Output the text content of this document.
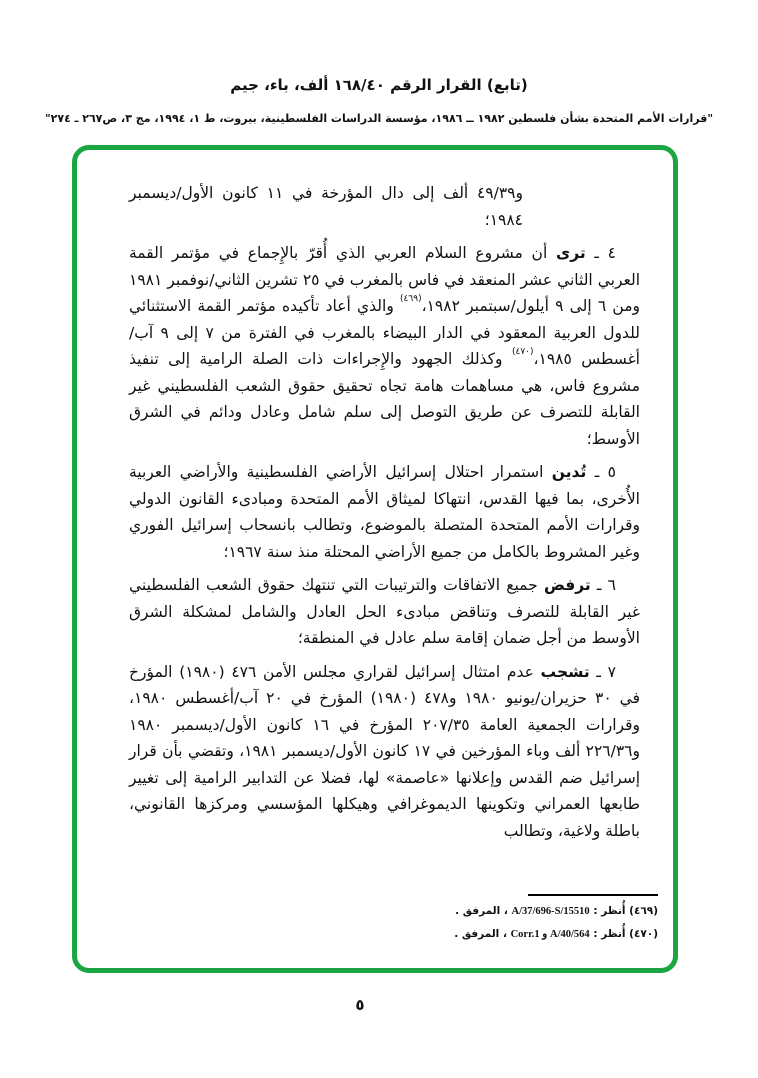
(تابع) القرار الرقم ١٦٨/٤٠ ألف، باء، جيم
"قرارات الأمم المتحدة بشأن فلسطين ١٩٨٢ ــ ١٩٨٦، مؤسسة الدراسات الفلسطينية، بيروت، ط ١، ١٩٩٤، مج ٣، ص٢٦٧ ـ ٢٧٤"
و٤٩/٣٩ ألف إلى دال المؤرخة في ١١ كانون الأول/ديسمبر
١٩٨٤؛

٤ ـ ترى أن مشروع السلام العربي الذي أُقرّ بالإِجماع في مؤتمر القمة العربي الثاني عشر المنعقد في فاس بالمغرب في ٢٥ تشرين الثاني/نوفمبر ١٩٨١ ومن ٦ إلى ٩ أيلول/سبتمبر ١٩٨٢،$^{(٤٦٩)}$ والذي أعاد تأكيده مؤتمر القمة الاستثنائي للدول العربية المعقود في الدار البيضاء بالمغرب في الفترة من ٧ إلى ٩ آب/أغسطس ١٩٨٥،$^{(٤٧٠)}$ وكذلك الجهود والإِجراءات ذات الصلة الرامية إلى تنفيذ مشروع فاس، هي مساهمات هامة تجاه تحقيق حقوق الشعب الفلسطيني غير القابلة للتصرف عن طريق التوصل إلى سلم شامل وعادل ودائم في الشرق الأوسط؛

٥ ـ تُدين استمرار احتلال إسرائيل الأراضي الفلسطينية والأراضي العربية الأُخرى، بما فيها القدس، انتهاكا لميثاق الأمم المتحدة ومبادىء القانون الدولي وقرارات الأمم المتحدة المتصلة بالموضوع، وتطالب بانسحاب إسرائيل الفوري وغير المشروط بالكامل من جميع الأراضي المحتلة منذ سنة ١٩٦٧؛

٦ ـ ترفض جميع الاتفاقات والترتيبات التي تنتهك حقوق الشعب الفلسطيني غير القابلة للتصرف وتناقض مبادىء الحل العادل والشامل لمشكلة الشرق الأوسط من أجل ضمان إقامة سلم عادل في المنطقة؛

٧ ـ تشجب عدم امتثال إسرائيل لقراري مجلس الأمن ٤٧٦‏ (١٩٨٠) المؤرخ في ٣٠ حزيران/يونيو ١٩٨٠ و٤٧٨‏ (١٩٨٠) المؤرخ في ٢٠ آب/أغسطس ١٩٨٠، وقرارات الجمعية العامة ٢٠٧/٣٥ المؤرخ في ١٦ كانون الأول/ديسمبر ١٩٨٠ و٢٢٦/٣٦ ألف وباء المؤرخين في ١٧ كانون الأول/ديسمبر ١٩٨١، وتقضي بأن قرار إسرائيل ضم القدس وإعلانها «عاصمة» لها، فضلا عن التدابير الرامية إلى تغيير طابعها العمراني وتكوينها الديموغرافي وهيكلها المؤسسي ومركزها القانوني، باطلة ولاغية، وتطالب

(٤٦٩) أُنظر : A/37/696-S/15510 ، المرفق .
(٤٧٠) أُنظر : A/40/564 و Corr.1 ، المرفق .
٥
